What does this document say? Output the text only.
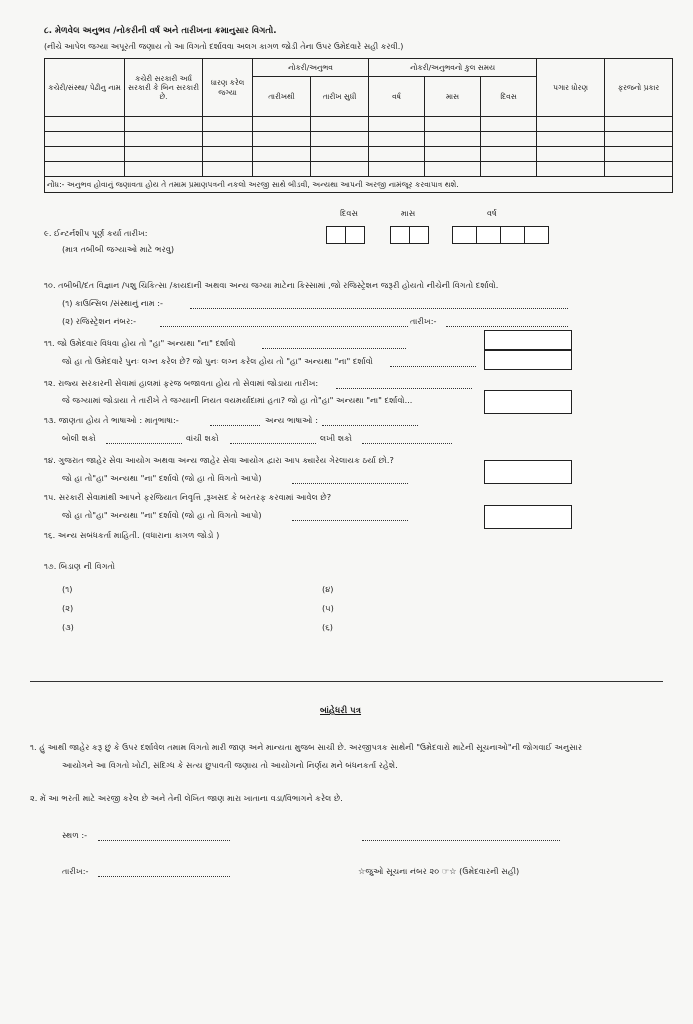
૮. મેળવેલ અનુભવ /નોકરીની વર્ષ અને તારીખના ક્રમાનુસાર વિગતો.
(નીચે આપેલ જગ્યા અપૂરતી જણાય તો આ વિગતો દર્શાવવા અલગ કાગળ જોડી તેના ઉપર ઉમેદવારે સહી કરવી.)
કચેરી/સંસ્થા/ પેઢીનુ નામ	કચેરી સરકારી અર્ધ સરકારી કે બિન સરકારી છે.	ધારણ કરેલ જગ્યા	નોકરી/અનુભવ		નોકરી/અનુભવનો કુલ સમય			પગાર ધોરણ	ફરજનો પ્રકાર
			તારીખથી	તારીખ સુધી	વર્ષ	માસ	દિવસ		

નોંધ:- અનુભવ હોવાનું જણાવતા હોય તે તમામ પ્રમાણપત્રની નકલો અરજી સાથે બીડવી, અન્યથા આપની અરજી નામંજૂર કરવાપાત્ર થશે.									
દિવસ	માસ	વર્ષ
૯. ઈન્ટર્નશીપ પૂર્ણ કર્યા તારીખ:
(માત્ર તબીબી જગ્યાઓ માટે ભરવુ)
૧૦. તબીબી/દંત વિજ્ઞાન /પશુ ચિકિત્સા /કાયદાની અથવા અન્ય જગ્યા માટેના કિસ્સામાં ,જો રજિસ્ટ્રેશન જરૂરી હોયતો નીચેની વિગતો દર્શાવો.
(૧) કાઉન્સિલ /સંસ્થાનું નામ :-
(૨) રજિસ્ટ્રેશન નંબર:-	તારીખ:-
૧૧. જો ઉમેદવાર વિધવા હોય તો "હા" અન્યથા "ના" દર્શાવો
જો હા તો ઉમેદવારે પુનઃ લગ્ન કરેલ છે? જો પુનઃ લગ્ન કરેલ હોય તો "હા" અન્યથા "ના" દર્શાવો
૧૨. રાજ્ય સરકારની સેવામાં હાલમાં ફરજ બજાવતા હોય તો સેવામાં જોડાયા તારીખ:
જે જગ્યામાં જોડાયા તે તારીખે તે જગ્યાની નિયત વયમર્યાદામાં હતા? જો હા તો"હા" અન્યથા "ના" દર્શાવો...
૧૩. જાણતા હોય તે ભાષાઓ : માતૃભાષા:-	અન્ય ભાષાઓ :
બોલી શકો	વાંચી શકો	લખી શકો
૧૪. ગુજરાત જાહેર સેવા આયોગ અથવા અન્ય જાહેર સેવા આયોગ દ્વારા આપ ક્યારેય ગેરલાયક ઠર્યા છો.?
જો હા તો"હા" અન્યથા "ના" દર્શાવો (જો હા તો વિગતો આપો)
૧૫. સરકારી સેવામાંથી આપને ફરજિયાત નિવૃત્તિ ,રૂખસદ કે બરતરફ કરવામાં આવેલ છે?
જો હા તો"હા" અન્યથા "ના" દર્શાવો (જો હા તો વિગતો આપો)
૧૬. અન્ય સબંધકર્તા માહિતી. (વધારાના કાગળ જોડો )
૧૭. બિડાણ ની વિગતો
(૧)
(૨)
(૩)
(૪)
(૫)
(૬)
બાંહેધરી પત્ર
૧. હું આથી જાહેર કરૂ છું કે ઉપર દર્શાવેલ તમામ વિગતો મારી જાણ અને માન્યતા મુજબ સાચી છે. અરજીપત્રક સાથેની "ઉમેદવારો માટેની સૂચનાઓ"ની જોગવાઈ અનુસાર
આયોગને આ વિગતો ખોટી, સંદિગ્ધ કે સત્ય છુપાવતી જણાય તો આયોગનો નિર્ણય મને બંધનકર્તા રહેશે.
૨. મેં આ ભરતી માટે અરજી કરેલ છે અને તેની લેખિત જાણ મારા ખાતાના વડા/વિભાગને કરેલ છે.
સ્થળ :-
તારીખ:-	☆જુઓ સૂચના નંબર ૨૦ ☞☆ (ઉમેદવારની સહી)
